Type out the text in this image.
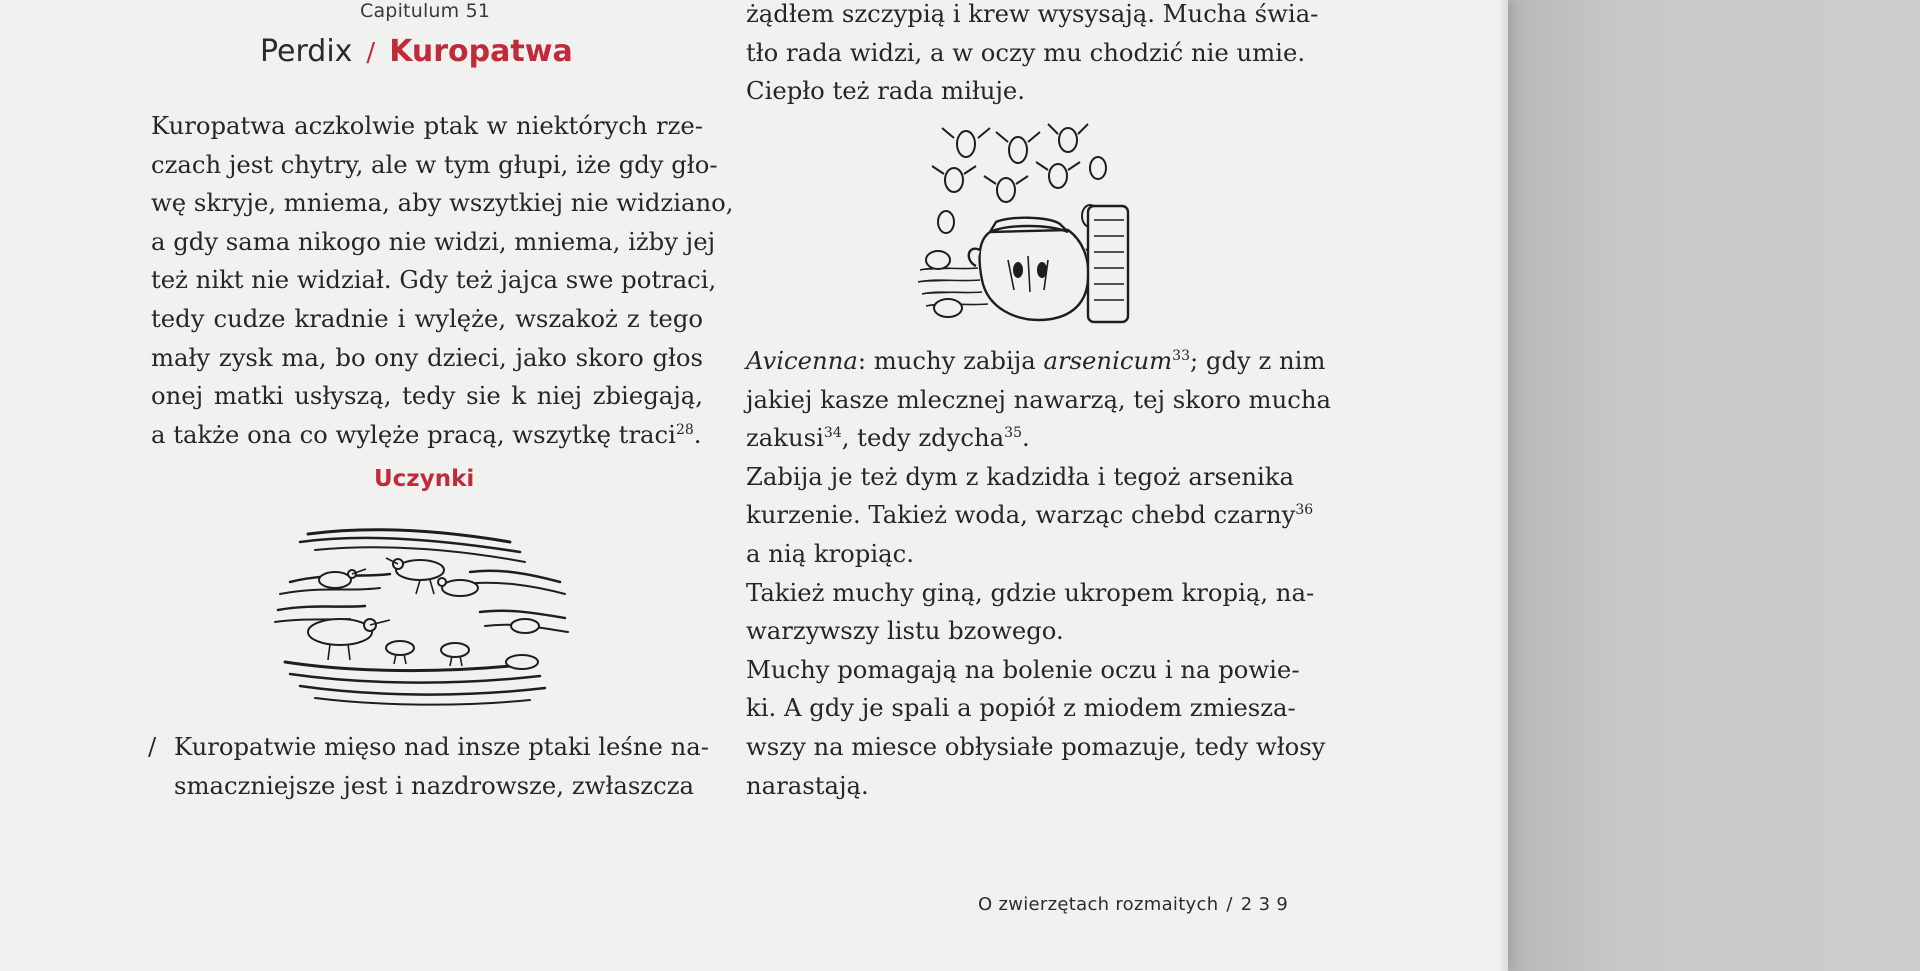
Capitulum 51
Perdix / Kuropatwa
Kuropatwa aczkolwie ptak w niektórych rze-
czach jest chytry, ale w tym głupi, iże gdy gło-
wę skryje, mniema, aby wszytkiej nie widziano,
a gdy sama nikogo nie widzi, mniema, iżby jej
też nikt nie widział. Gdy też jajca swe potraci,
tedy cudze kradnie i wylęże, wszakoż z tego
mały zysk ma, bo ony dzieci, jako skoro głos
onej matki usłyszą, tedy sie k niej zbiegają,
a także ona co wylęże pracą, wszytkę traci$^{28}$.
Uczynki
/ Kuropatwie mięso nad insze ptaki leśne na-
smaczniejsze jest i nazdrowsze, zwłaszcza
żądłem szczypią i krew wysysają. Mucha świa-
tło rada widzi, a w oczy mu chodzić nie umie.
Ciepło też rada miłuje.
Avicenna: muchy zabija arsenicum$^{33}$; gdy z nim
jakiej kasze mlecznej nawarzą, tej skoro mucha
zakusi$^{34}$, tedy zdycha$^{35}$.
Zabija je też dym z kadzidła i tegoż arsenika
kurzenie. Takież woda, warząc chebd czarny$^{36}$
a nią kropiąc.
Takież muchy giną, gdzie ukropem kropią, na-
warzywszy listu bzowego.
Muchy pomagają na bolenie oczu i na powie-
ki. A gdy je spali a popiół z miodem zmiesza-
wszy na miesce obłysiałe pomazuje, tedy włosy
narastają.
O zwierzętach rozmaitych / 2 3 9
